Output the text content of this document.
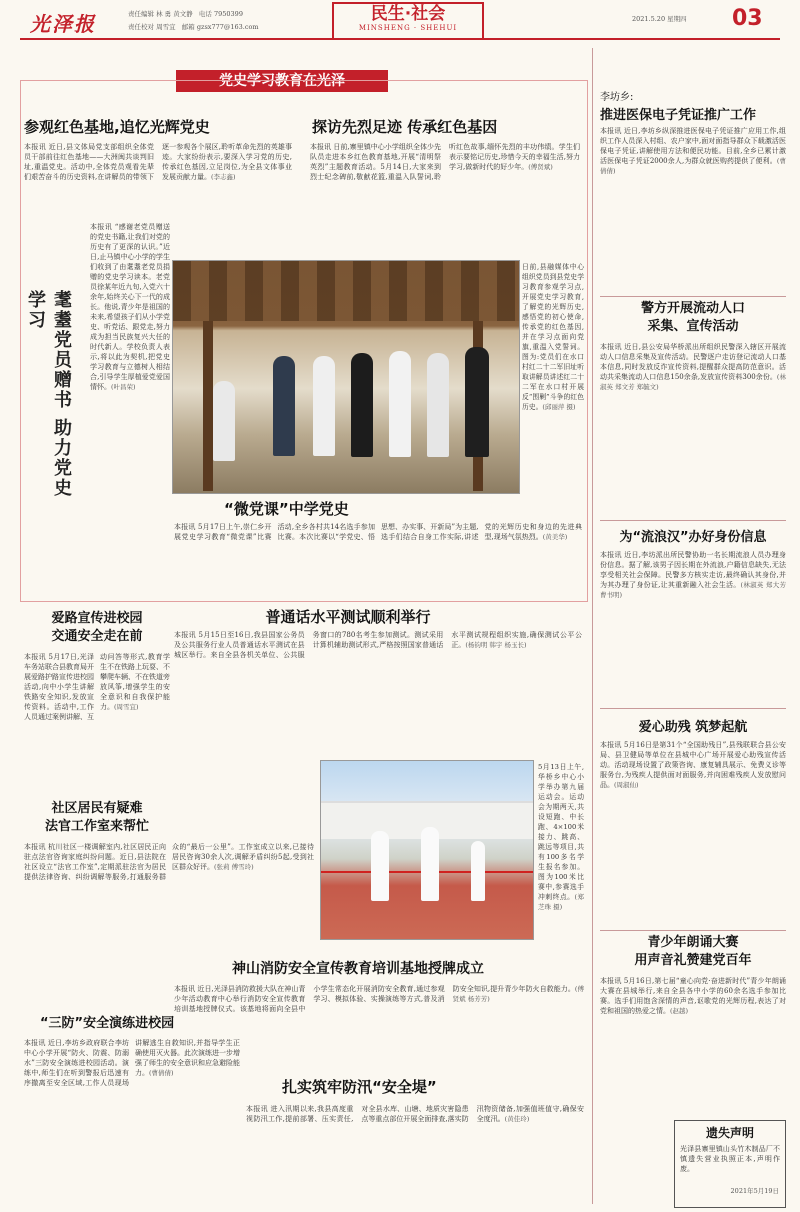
光泽报	责任编辑 林 勇 黄文静 电话 7950399
责任校对 周雪宜 邮箱 gzsx777@163.com
民生·社会
MINSHENG · SHEHUI
2021.5.20 星期四 03
党史学习教育在光泽
参观红色基地,追忆光辉党史
本报讯 近日,县文体局党支部组织全体党员干部前往红色基地——大洲闽共谈判旧址,重温党史。活动中,全体党员观看先辈们艰苦奋斗的历史资料,在讲解员的带领下逐一参观各个展区,聆听革命先烈的英雄事迹。大家纷纷表示,要深入学习党的历史,传承红色基因,立足岗位,为全县文体事业发展贡献力量。(李志鑫)
探访先烈足迹 传承红色基因
本报讯 日前,寨里镇中心小学组织全体少先队员走进本乡红色教育基地,开展“清明祭英烈”主题教育活动。5月14日,大家来到烈士纪念碑前,敬献花篮,重温入队誓词,聆听红色故事,缅怀先烈的丰功伟绩。学生们表示要铭记历史,珍惜今天的幸福生活,努力学习,做新时代的好少年。(傅贤斌)
耄耋党员赠书 助力党史学习
本报讯 “感谢老党员赠送的党史书籍,让我们对党的历史有了更深的认识。”近日,止马镇中心小学的学生们收到了由耄耋老党员捐赠的党史学习读本。老党员徐某年近九旬,入党六十余年,始终关心下一代的成长。他说,青少年是祖国的未来,希望孩子们从小学党史、听党话、跟党走,努力成为担当民族复兴大任的时代新人。学校负责人表示,将以此为契机,把党史学习教育与立德树人相结合,引导学生厚植爱党爱国情怀。(叶昌荣)
日前,县融媒体中心组织党员到县党史学习教育参观学习点,开展党史学习教育,了解党的光辉历史,感悟党的初心使命,传承党的红色基因,并在学习点面向党旗,重温入党誓词。图为:党员们在水口村红二十二军旧址听取讲解员讲述红二十二军在水口村开展反“围剿”斗争的红色历史。(邱丽萍 摄)
“微党课”中学党史
本报讯 5月17日上午,崇仁乡开展党史学习教育“微党课”比赛活动,全乡各村共14名选手参加比赛。本次比赛以“学党史、悟思想、办实事、开新局”为主题,选手们结合自身工作实际,讲述党的光辉历史和身边的先进典型,现场气氛热烈。(黄美华)
普通话水平测试顺利举行
本报讯 5月15日至16日,我县国家公务员及公共服务行业人员普通话水平测试在县城区举行。来自全县各机关单位、公共服务窗口的780名考生参加测试。测试采用计算机辅助测试形式,严格按照国家普通话水平测试规程组织实施,确保测试公平公正。(杨钧明 韩宇 杨玉长)
爱路宣传进校园
交通安全走在前
本报讯 5月17日,光泽车务站联合县教育局开展爱路护路宣传进校园活动,向中小学生讲解铁路安全知识,发放宣传资料。活动中,工作人员通过案例讲解、互动问答等形式,教育学生不在铁路上玩耍、不攀爬车辆、不在铁道旁放风筝,增强学生的安全意识和自我保护能力。(周雪宜)
社区居民有疑难
法官工作室来帮忙
本报讯 杭川社区一楼调解室内,社区居民正向驻点法官咨询家庭纠纷问题。近日,县法院在社区设立“法官工作室”,定期派驻法官为居民提供法律咨询、纠纷调解等服务,打通服务群众的“最后一公里”。工作室成立以来,已接待居民咨询30余人次,调解矛盾纠纷5起,受到社区群众好评。(张莉 傅雪玲)
5月13日上午,华桥乡中心小学举办第九届运动会。运动会为期两天,共设短跑、中长跑、4×100米接力、跳高、跳远等项目,共有100多名学生报名参加。图为100米比赛中,参赛选手冲刺终点。(郑芝珠 摄)
神山消防安全宣传教育培训基地授牌成立
本报讯 近日,光泽县消防救援大队在神山青少年活动教育中心举行消防安全宣传教育培训基地授牌仪式。该基地将面向全县中小学生常态化开展消防安全教育,通过参观学习、模拟体验、实操演练等方式,普及消防安全知识,提升青少年防火自救能力。(傅贤斌 杨芳芳)
“三防”安全演练进校园
本报讯 近日,李坊乡政府联合李坊中心小学开展“防火、防震、防溺水”三防安全演练进校园活动。演练中,师生们在听到警报后迅速有序撤离至安全区域,工作人员现场讲解逃生自救知识,并指导学生正确使用灭火器。此次演练进一步增强了师生的安全意识和应急避险能力。(曹倩倩)
扎实筑牢防汛“安全堤”
本报讯 进入汛期以来,我县高度重视防汛工作,提前部署、压实责任,对全县水库、山塘、地质灾害隐患点等重点部位开展全面排查,落实防汛物资储备,加强值班值守,确保安全度汛。(黄佳玲)
李坊乡:
推进医保电子凭证推广工作
本报讯 近日,李坊乡纵深推进医保电子凭证推广应用工作,组织工作人员深入村组、农户家中,面对面指导群众下载激活医保电子凭证,讲解使用方法和便民功能。目前,全乡已累计激活医保电子凭证2000余人,为群众就医购药提供了便利。(曹倩倩)
警方开展流动人口
采集、宣传活动
本报讯 近日,县公安局华桥派出所组织民警深入辖区开展流动人口信息采集及宣传活动。民警逐户走访登记流动人口基本信息,同时发放反诈宣传资料,提醒群众提高防范意识。活动共采集流动人口信息150余条,发放宣传资料300余份。(林淑英 郑文芳 郑毓文)
为“流浪汉”办好身份信息
本报讯 近日,李坊派出所民警协助一名长期流浪人员办理身份信息。据了解,该男子因长期在外流浪,户籍信息缺失,无法享受相关社会保障。民警多方核实走访,最终确认其身份,并为其办理了身份证,让其重新融入社会生活。(林淑英 郑大芳 曹书明)
爱心助残 筑梦起航
本报讯 5月16日是第31个“全国助残日”,县残联联合县公安局、县卫健局等单位在县城中心广场开展爱心助残宣传活动。活动现场设置了政策咨询、康复辅具展示、免费义诊等服务台,为残疾人提供面对面服务,并向困难残疾人发放慰问品。(周淑仙)
青少年朗诵大赛
用声音礼赞建党百年
本报讯 5月16日,第七届“童心向党·奋进新时代”青少年朗诵大赛在县城举行,来自全县各中小学的60余名选手参加比赛。选手们用饱含深情的声音,讴歌党的光辉历程,表达了对党和祖国的热爱之情。(赵越)
遗失声明
光泽县寨里镇山头竹木制品厂不慎遗失营业执照正本,声明作废。
2021年5月19日
